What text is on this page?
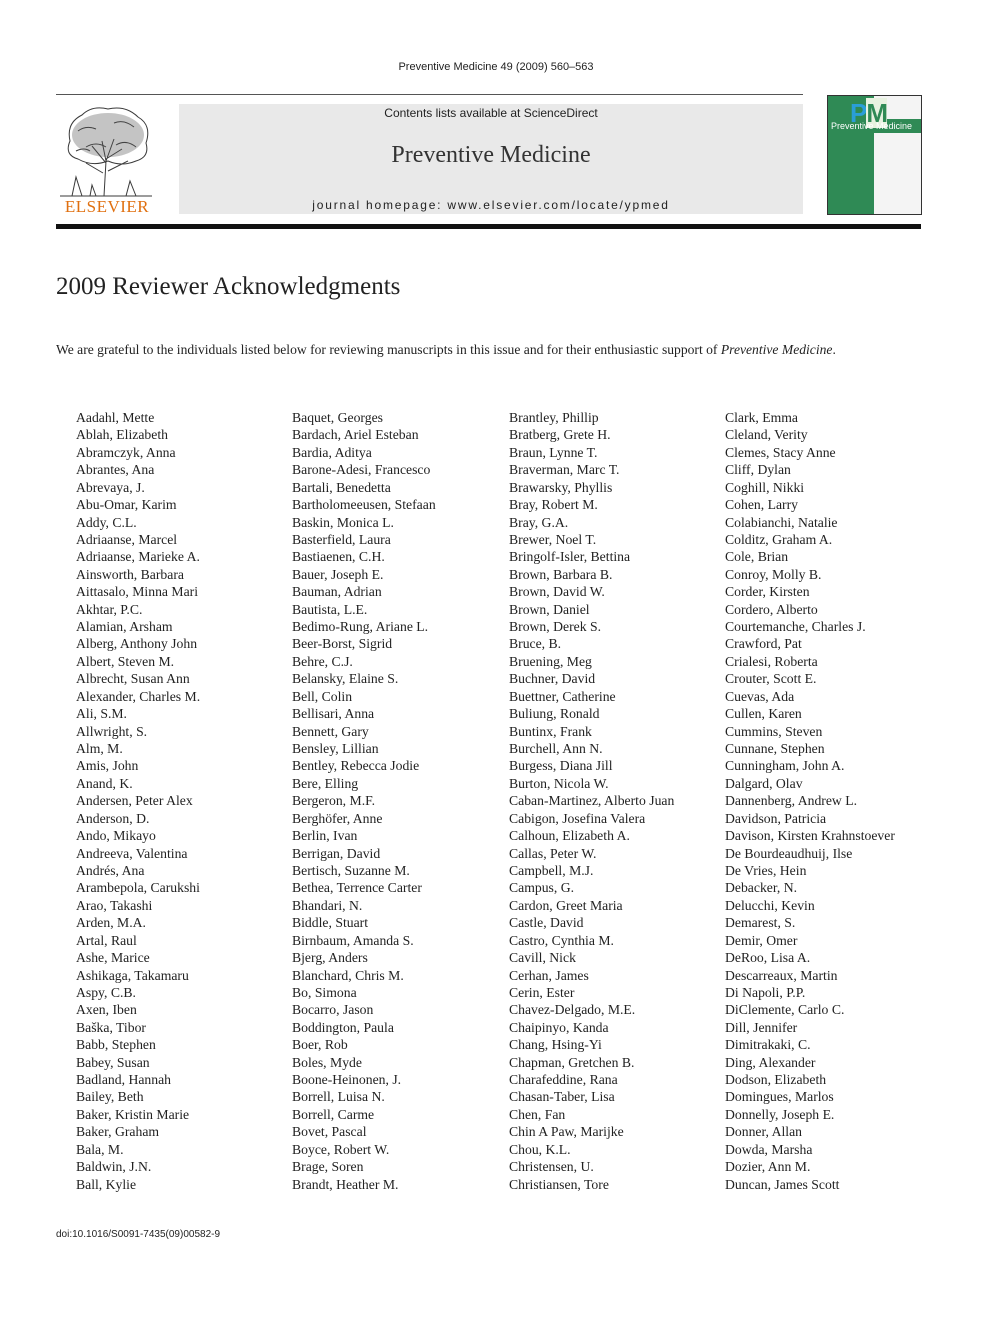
Preventive Medicine 49 (2009) 560–563
ELSEVIER
Contents lists available at ScienceDirect
Preventive Medicine
journal homepage: www.elsevier.com/locate/ypmed
PM
Preventive Medicine
2009 Reviewer Acknowledgments
We are grateful to the individuals listed below for reviewing manuscripts in this issue and for their enthusiastic support of Preventive Medicine.
Aadahl, Mette
Ablah, Elizabeth
Abramczyk, Anna
Abrantes, Ana
Abrevaya, J.
Abu-Omar, Karim
Addy, C.L.
Adriaanse, Marcel
Adriaanse, Marieke A.
Ainsworth, Barbara
Aittasalo, Minna Mari
Akhtar, P.C.
Alamian, Arsham
Alberg, Anthony John
Albert, Steven M.
Albrecht, Susan Ann
Alexander, Charles M.
Ali, S.M.
Allwright, S.
Alm, M.
Amis, John
Anand, K.
Andersen, Peter Alex
Anderson, D.
Ando, Mikayo
Andreeva, Valentina
Andrés, Ana
Arambepola, Carukshi
Arao, Takashi
Arden, M.A.
Artal, Raul
Ashe, Marice
Ashikaga, Takamaru
Aspy, C.B.
Axen, Iben
Baška, Tibor
Babb, Stephen
Babey, Susan
Badland, Hannah
Bailey, Beth
Baker, Kristin Marie
Baker, Graham
Bala, M.
Baldwin, J.N.
Ball, Kylie
Baquet, Georges
Bardach, Ariel Esteban
Bardia, Aditya
Barone-Adesi, Francesco
Bartali, Benedetta
Bartholomeeusen, Stefaan
Baskin, Monica L.
Basterfield, Laura
Bastiaenen, C.H.
Bauer, Joseph E.
Bauman, Adrian
Bautista, L.E.
Bedimo-Rung, Ariane L.
Beer-Borst, Sigrid
Behre, C.J.
Belansky, Elaine S.
Bell, Colin
Bellisari, Anna
Bennett, Gary
Bensley, Lillian
Bentley, Rebecca Jodie
Bere, Elling
Bergeron, M.F.
Berghöfer, Anne
Berlin, Ivan
Berrigan, David
Bertisch, Suzanne M.
Bethea, Terrence Carter
Bhandari, N.
Biddle, Stuart
Birnbaum, Amanda S.
Bjerg, Anders
Blanchard, Chris M.
Bo, Simona
Bocarro, Jason
Boddington, Paula
Boer, Rob
Boles, Myde
Boone-Heinonen, J.
Borrell, Luisa N.
Borrell, Carme
Bovet, Pascal
Boyce, Robert W.
Brage, Soren
Brandt, Heather M.
Brantley, Phillip
Bratberg, Grete H.
Braun, Lynne T.
Braverman, Marc T.
Brawarsky, Phyllis
Bray, Robert M.
Bray, G.A.
Brewer, Noel T.
Bringolf-Isler, Bettina
Brown, Barbara B.
Brown, David W.
Brown, Daniel
Brown, Derek S.
Bruce, B.
Bruening, Meg
Buchner, David
Buettner, Catherine
Buliung, Ronald
Buntinx, Frank
Burchell, Ann N.
Burgess, Diana Jill
Burton, Nicola W.
Caban-Martinez, Alberto Juan
Cabigon, Josefina Valera
Calhoun, Elizabeth A.
Callas, Peter W.
Campbell, M.J.
Campus, G.
Cardon, Greet Maria
Castle, David
Castro, Cynthia M.
Cavill, Nick
Cerhan, James
Cerin, Ester
Chavez-Delgado, M.E.
Chaipinyo, Kanda
Chang, Hsing-Yi
Chapman, Gretchen B.
Charafeddine, Rana
Chasan-Taber, Lisa
Chen, Fan
Chin A Paw, Marijke
Chou, K.L.
Christensen, U.
Christiansen, Tore
Clark, Emma
Cleland, Verity
Clemes, Stacy Anne
Cliff, Dylan
Coghill, Nikki
Cohen, Larry
Colabianchi, Natalie
Colditz, Graham A.
Cole, Brian
Conroy, Molly B.
Corder, Kirsten
Cordero, Alberto
Courtemanche, Charles J.
Crawford, Pat
Crialesi, Roberta
Crouter, Scott E.
Cuevas, Ada
Cullen, Karen
Cummins, Steven
Cunnane, Stephen
Cunningham, John A.
Dalgard, Olav
Dannenberg, Andrew L.
Davidson, Patricia
Davison, Kirsten Krahnstoever
De Bourdeaudhuij, Ilse
De Vries, Hein
Debacker, N.
Delucchi, Kevin
Demarest, S.
Demir, Omer
DeRoo, Lisa A.
Descarreaux, Martin
Di Napoli, P.P.
DiClemente, Carlo C.
Dill, Jennifer
Dimitrakaki, C.
Ding, Alexander
Dodson, Elizabeth
Domingues, Marlos
Donnelly, Joseph E.
Donner, Allan
Dowda, Marsha
Dozier, Ann M.
Duncan, James Scott
doi:10.1016/S0091-7435(09)00582-9
